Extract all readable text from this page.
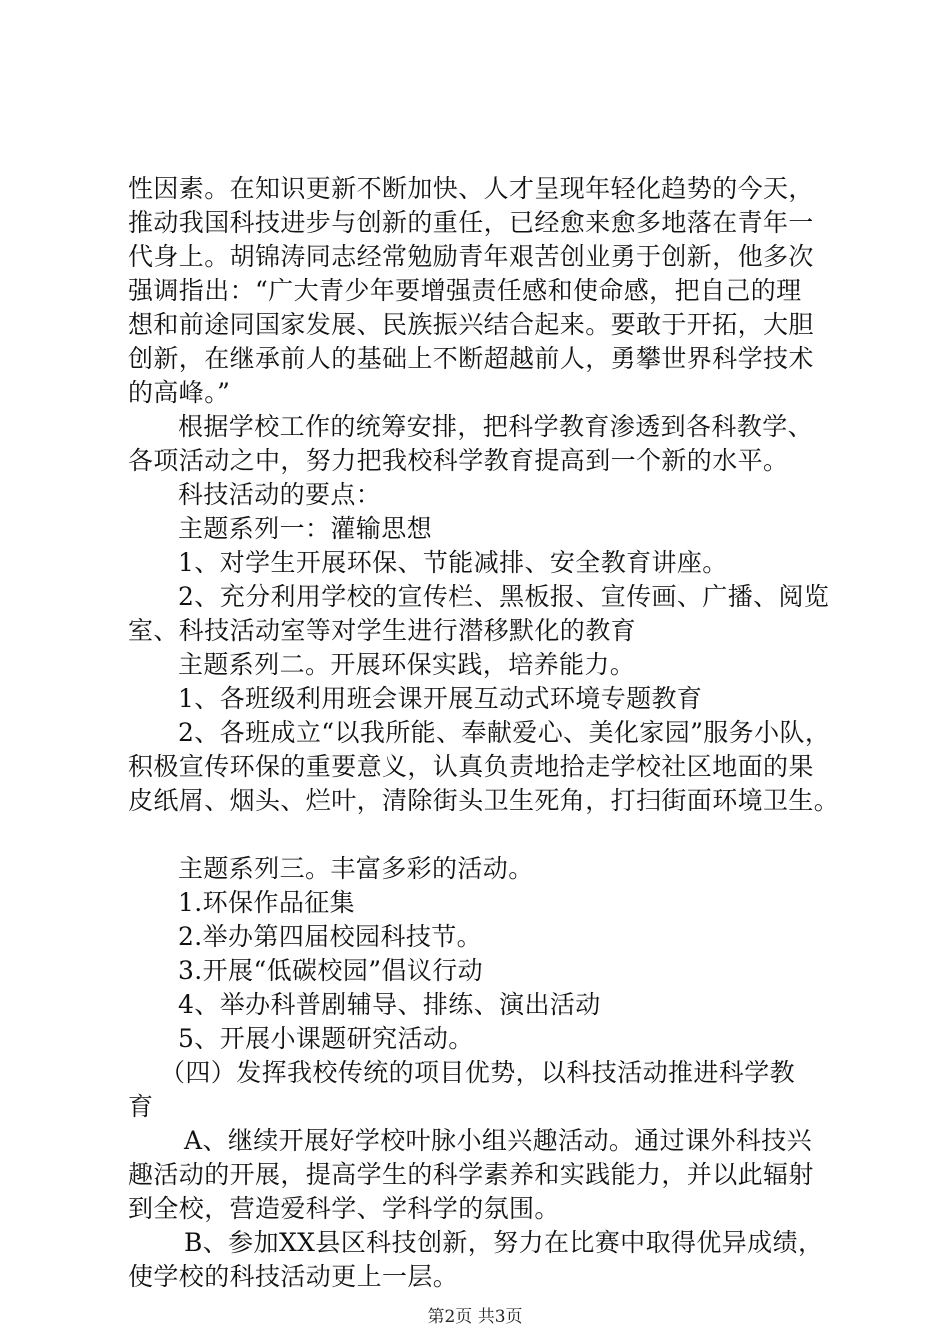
性因素。在知识更新不断加快、人才呈现年轻化趋势的今天，
推动我国科技进步与创新的重任，已经愈来愈多地落在青年一
代身上。胡锦涛同志经常勉励青年艰苦创业勇于创新，他多次
强调指出：“广大青少年要增强责任感和使命感，把自己的理
想和前途同国家发展、民族振兴结合起来。要敢于开拓，大胆
创新，在继承前人的基础上不断超越前人，勇攀世界科学技术
的高峰。”
根据学校工作的统筹安排，把科学教育渗透到各科教学、
各项活动之中，努力把我校科学教育提高到一个新的水平。
科技活动的要点：
主题系列一：灌输思想
1、对学生开展环保、节能减排、安全教育讲座。
2、充分利用学校的宣传栏、黑板报、宣传画、广播、阅览
室、科技活动室等对学生进行潜移默化的教育
主题系列二。开展环保实践，培养能力。
1、各班级利用班会课开展互动式环境专题教育
2、各班成立“以我所能、奉献爱心、美化家园”服务小队，
积极宣传环保的重要意义，认真负责地拾走学校社区地面的果
皮纸屑、烟头、烂叶，清除街头卫生死角，打扫街面环境卫生。
主题系列三。丰富多彩的活动。
1.环保作品征集
2.举办第四届校园科技节。
3.开展“低碳校园”倡议行动
4、举办科普剧辅导、排练、演出活动
5、开展小课题研究活动。
（四）发挥我校传统的项目优势，以科技活动推进科学教
育
A、继续开展好学校叶脉小组兴趣活动。通过课外科技兴
趣活动的开展，提高学生的科学素养和实践能力，并以此辐射
到全校，营造爱科学、学科学的氛围。
B、参加XX县区科技创新，努力在比赛中取得优异成绩，
使学校的科技活动更上一层。
第2页 共3页
